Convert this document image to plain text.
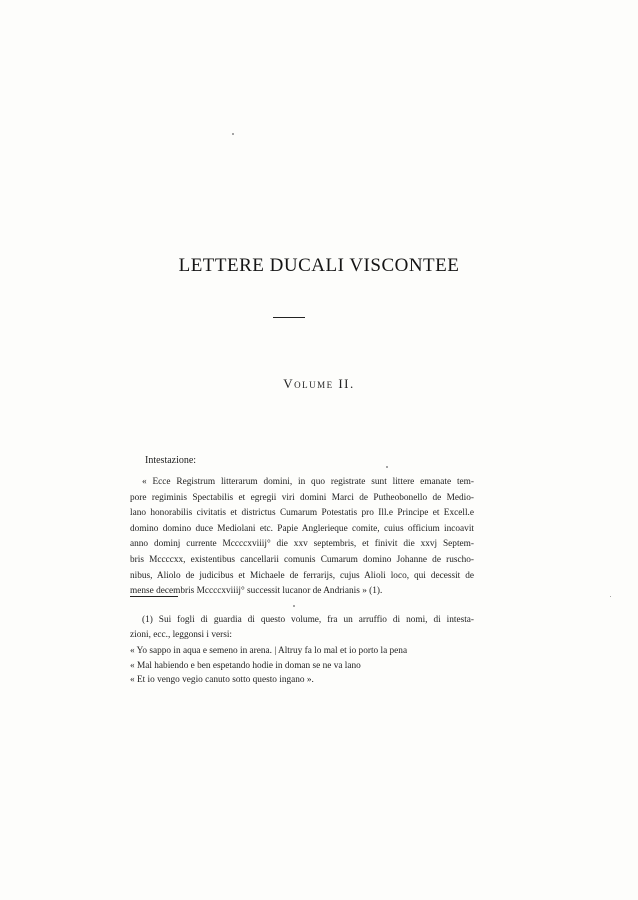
LETTERE DUCALI VISCONTEE
Volume II.
Intestazione:
« Ecce Registrum litterarum domini, in quo registrate sunt littere emanate tem-
pore regiminis Spectabilis et egregii viri domini Marci de Putheobonello de Medio-
lano honorabilis civitatis et districtus Cumarum Potestatis pro Ill.e Principe et Excell.e
domino domino duce Mediolani etc. Papie Anglerieque comite, cuius officium incoavit
anno dominj currente Mccccxviiij° die xxv septembris, et finivit die xxvj Septem-
bris Mccccxx, existentibus cancellarii comunis Cumarum domino Johanne de ruscho-
nibus, Aliolo de judicibus et Michaele de ferrarijs, cujus Alioli loco, qui decessit de
mense decembris Mccccxviiij° successit lucanor de Andrianis » (1).
(1) Sui fogli di guardia di questo volume, fra un arruffio di nomi, di intesta-
zioni, ecc., leggonsi i versi:
« Yo sappo in aqua e semeno in arena. | Altruy fa lo mal et io porto la pena
« Mal habiendo e ben espetando hodie in doman se ne va lano
« Et io vengo vegio canuto sotto questo ingano ».
